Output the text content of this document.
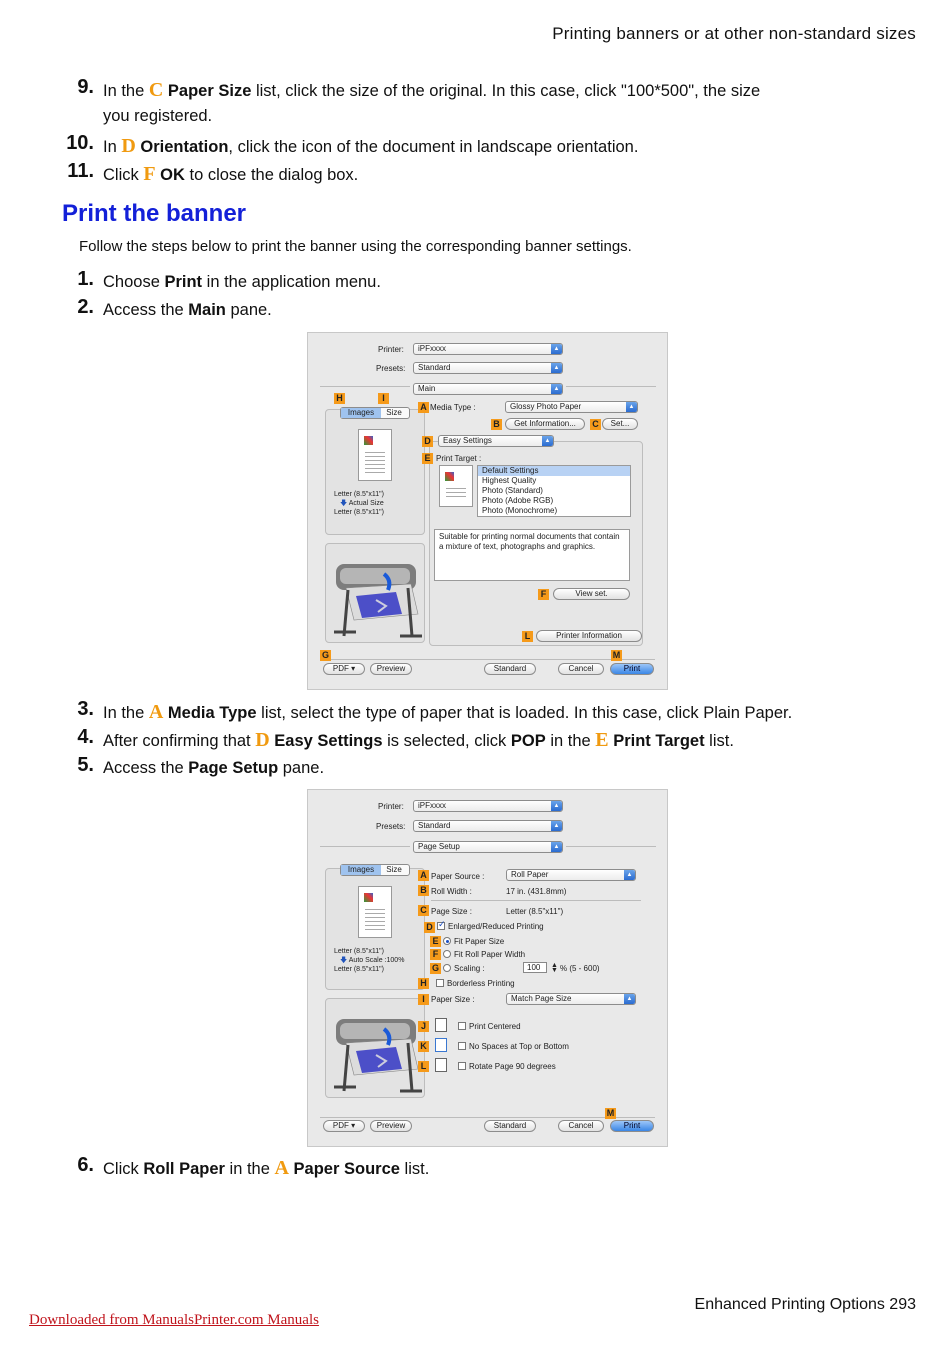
Printing banners or at other non-standard sizes
9. In the C Paper Size list, click the size of the original. In this case, click "100*500", the size
you registered.
10. In D Orientation, click the icon of the document in landscape orientation.
11. Click F OK to close the dialog box.
Print the banner
Follow the steps below to print the banner using the corresponding banner settings.
1. Choose Print in the application menu.
2. Access the Main pane.
Printer:	iPFxxxx	▲
Presets:	Standard	▲
Main	▲
H	I
Images Size
Letter (8.5"x11")
🡇 Actual Size
Letter (8.5"x11")
A Media Type :	Glossy Photo Paper	▲
B	Get Information...	C	Set...
D	Easy Settings	▲
E Print Target :
Default Settings
Highest Quality
Photo (Standard)
Photo (Adobe RGB)
Photo (Monochrome)
Suitable for printing normal documents that contain a mixture of text, photographs and graphics.
F	View set.
L	Printer Information
G	M
PDF ▾	Preview	Standard	Cancel	Print
3. In the A Media Type list, select the type of paper that is loaded. In this case, click Plain Paper.
4. After confirming that D Easy Settings is selected, click POP in the E Print Target list.
5. Access the Page Setup pane.
Printer:	iPFxxxx	▲
Presets:	Standard	▲
Page Setup	▲
Images Size
Letter (8.5"x11")
🡇 Auto Scale :100%
Letter (8.5"x11")
A Paper Source :	Roll Paper	▲
B Roll Width :	17 in. (431.8mm)
C Page Size :	Letter (8.5"x11")
D
✓	Enlarged/Reduced Printing
E	Fit Paper Size
F	Fit Roll Paper Width
G	Scaling :	100	▲
▼ % (5 - 600)
H	Borderless Printing
I Paper Size :	Match Page Size	▲
J	Print Centered
K	No Spaces at Top or Bottom
L	Rotate Page 90 degrees
M
PDF ▾	Preview	Standard	Cancel	Print
6. Click Roll Paper in the A Paper Source list.
Enhanced Printing Options 293
Downloaded from ManualsPrinter.com Manuals
